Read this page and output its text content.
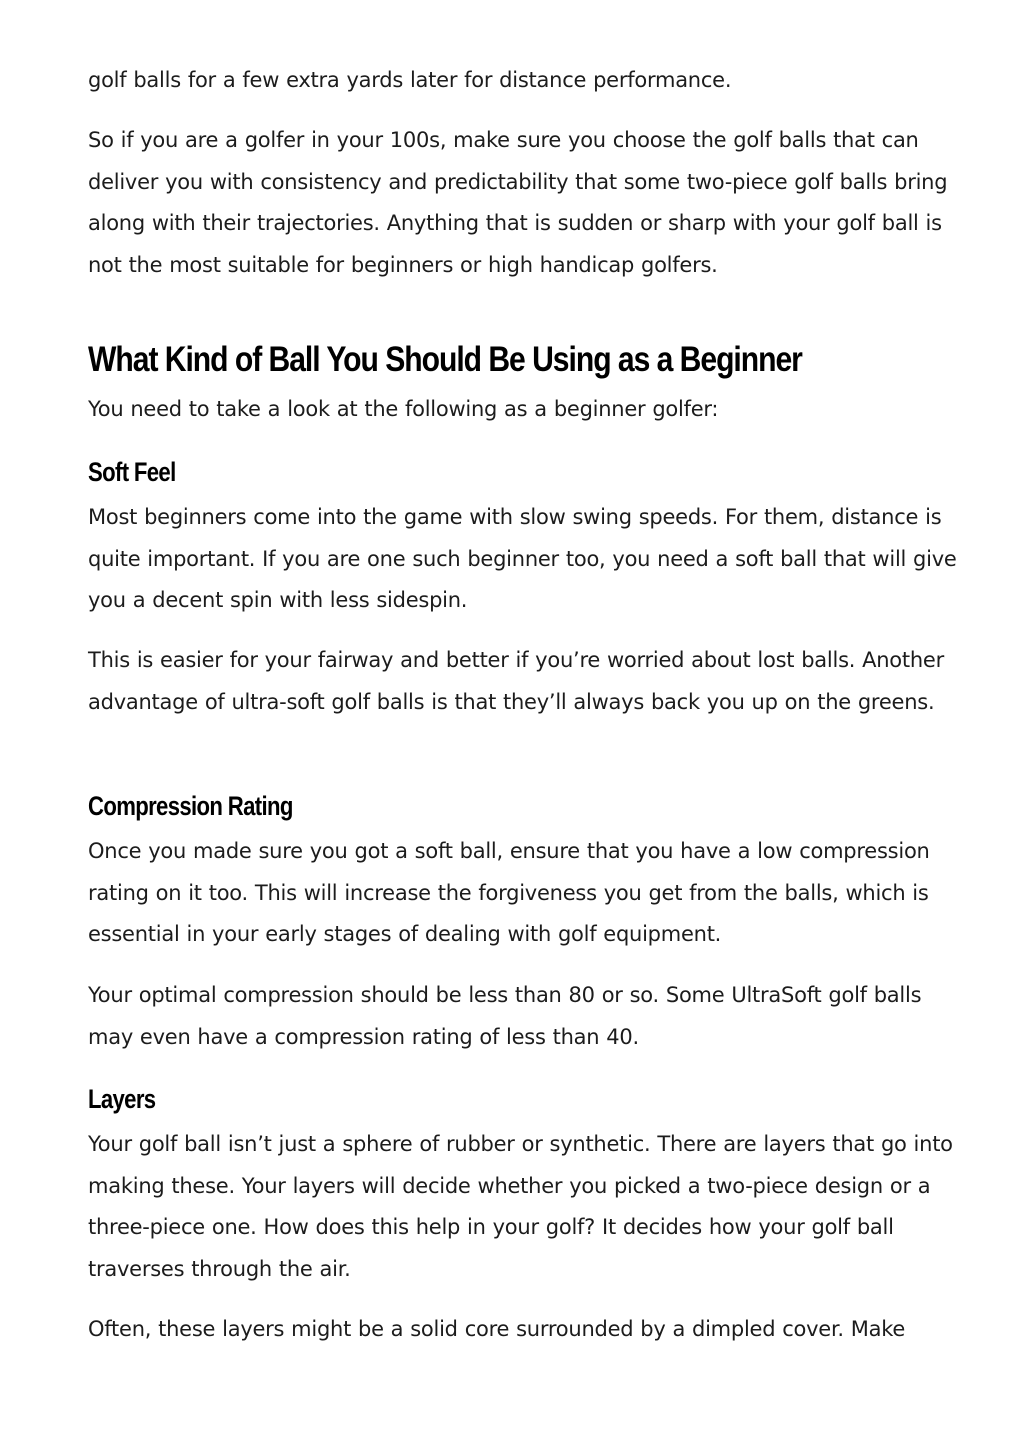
golf balls for a few extra yards later for distance performance.

So if you are a golfer in your 100s, make sure you choose the golf balls that can deliver you with consistency and predictability that some two-piece golf balls bring along with their trajectories. Anything that is sudden or sharp with your golf ball is not the most suitable for beginners or high handicap golfers.

What Kind of Ball You Should Be Using as a Beginner

You need to take a look at the following as a beginner golfer:

Soft Feel

Most beginners come into the game with slow swing speeds. For them, distance is quite important. If you are one such beginner too, you need a soft ball that will give you a decent spin with less sidespin.

This is easier for your fairway and better if you’re worried about lost balls. Another advantage of ultra-soft golf balls is that they’ll always back you up on the greens.

Compression Rating

Once you made sure you got a soft ball, ensure that you have a low compression rating on it too. This will increase the forgiveness you get from the balls, which is essential in your early stages of dealing with golf equipment.

Your optimal compression should be less than 80 or so. Some UltraSoft golf balls may even have a compression rating of less than 40.

Layers

Your golf ball isn’t just a sphere of rubber or synthetic. There are layers that go into making these. Your layers will decide whether you picked a two-piece design or a three-piece one. How does this help in your golf? It decides how your golf ball traverses through the air.

Often, these layers might be a solid core surrounded by a dimpled cover. Make
